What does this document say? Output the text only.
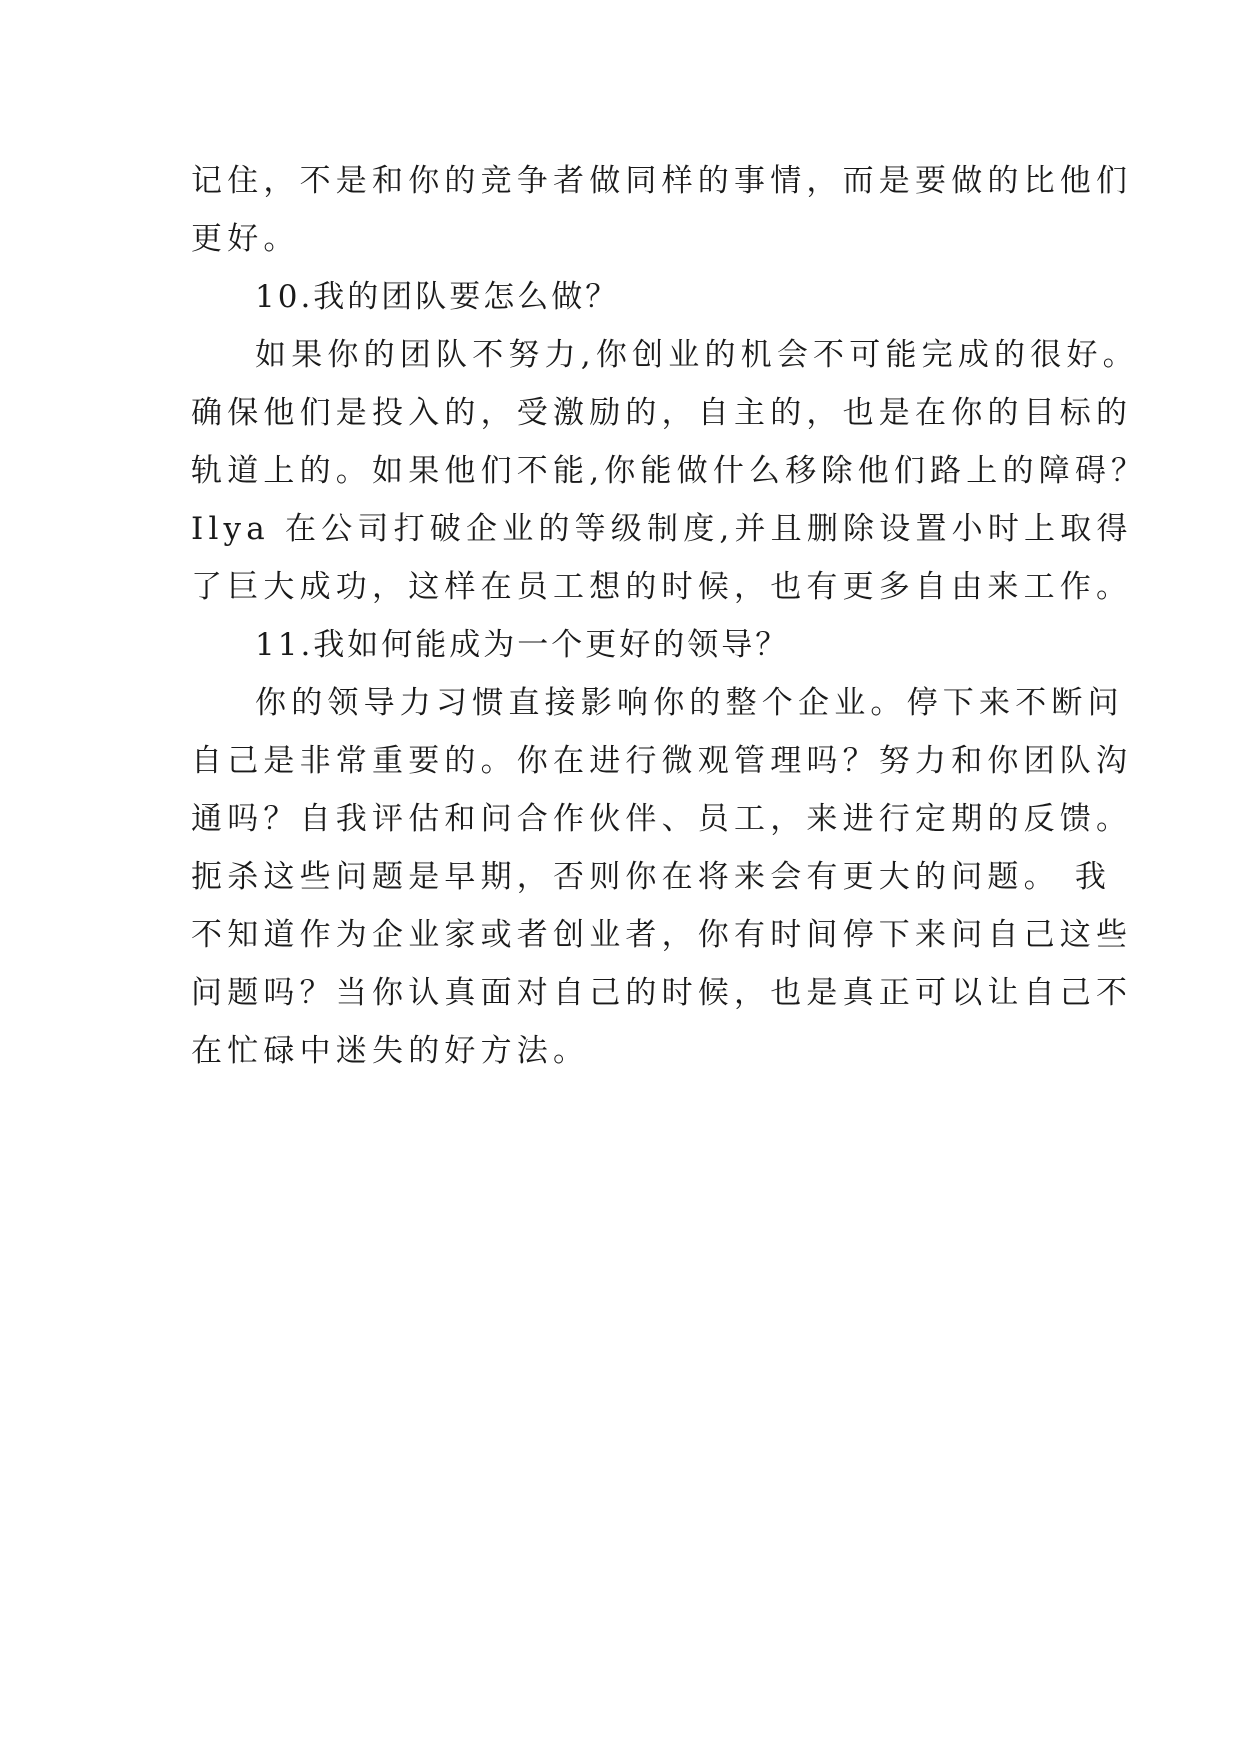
记住，不是和你的竞争者做同样的事情，而是要做的比他们
更好。
10.我的团队要怎么做？
如果你的团队不努力,你创业的机会不可能完成的很好。
确保他们是投入的，受激励的，自主的，也是在你的目标的
轨道上的。如果他们不能,你能做什么移除他们路上的障碍？
Ilya 在公司打破企业的等级制度,并且删除设置小时上取得
了巨大成功，这样在员工想的时候，也有更多自由来工作。
11.我如何能成为一个更好的领导？
你的领导力习惯直接影响你的整个企业。停下来不断问
自己是非常重要的。你在进行微观管理吗？努力和你团队沟
通吗？自我评估和问合作伙伴、员工，来进行定期的反馈。
扼杀这些问题是早期，否则你在将来会有更大的问题。 我
不知道作为企业家或者创业者，你有时间停下来问自己这些
问题吗？当你认真面对自己的时候，也是真正可以让自己不
在忙碌中迷失的好方法。
